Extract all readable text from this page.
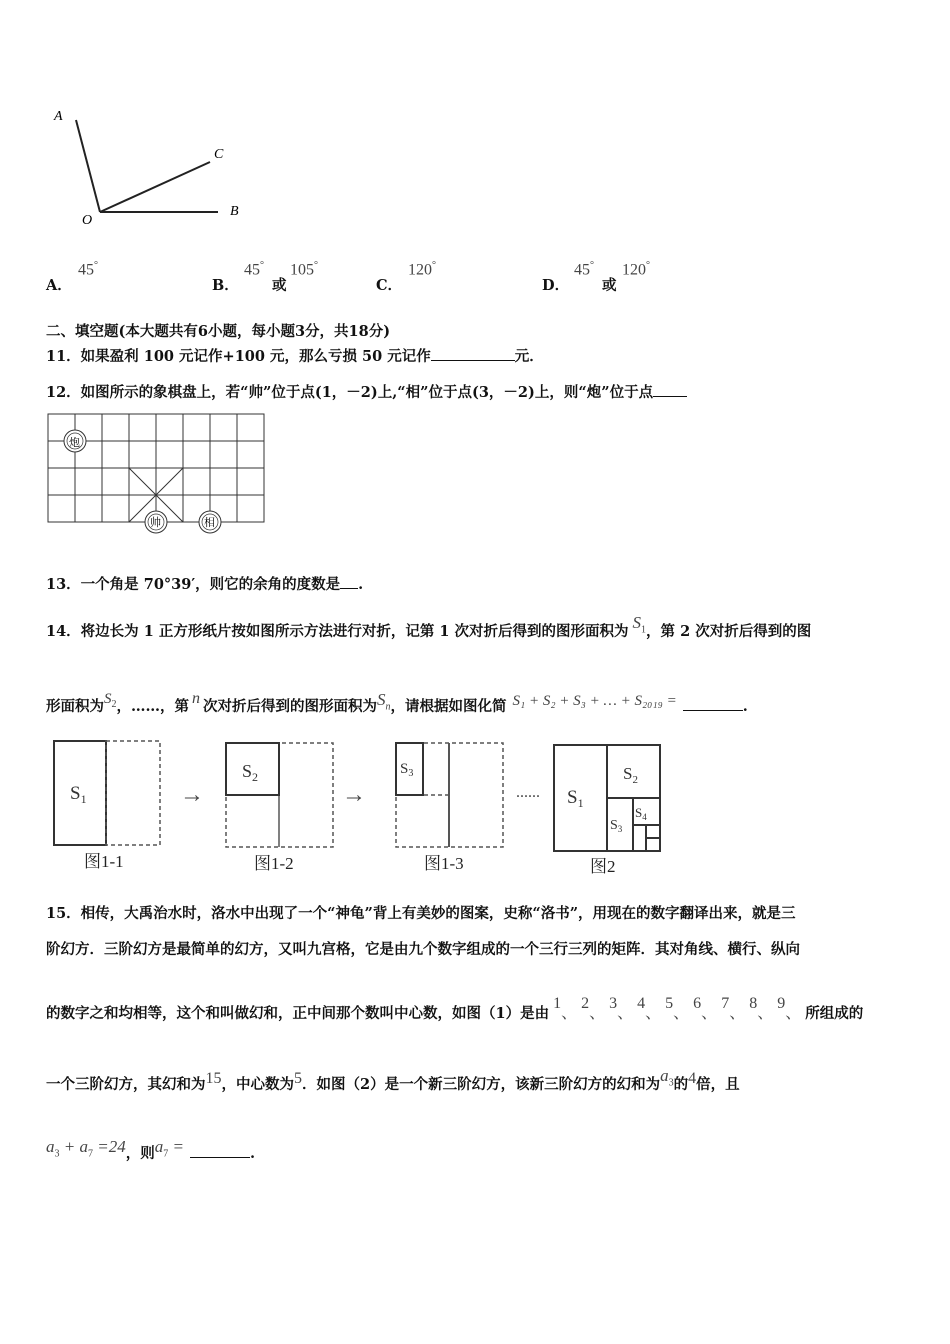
A
C
O
B
A．
45°
B．
45°
或
105°
C．
120°
D．
45°
或
120°
二、填空题(本大题共有6小题，每小题3分，共18分)
11．如果盈利 100 元记作+100 元，那么亏损 50 元记作	元．
12．如图所示的象棋盘上，若“帅”位于点(1，－2)上,“相”位于点(3，－2)上，则“炮”位于点
炮
帅	相
13．一个角是 70°39′，则它的余角的度数是 .
14．将边长为 1 正方形纸片按如图所示方法进行对折，记第 1 次对折后得到的图形面积为 $S_1$，第 2 次对折后得到的图
形面积为$S_2$，……，第 n 次对折后得到的图形面积为$S_n$，请根据如图化简 S₁ + S₂ + S₃ + … + S₂₀₁₉ =	.
$S_1$
图1-1
→
$S_2$
图1-2
→
$S_3$
图1-3
...... $S_1$
$S_2$
$S_3$
$S_4$
图2
15．相传，大禹治水时，洛水中出现了一个“神龟”背上有美妙的图案，史称“洛书”，用现在的数字翻译出来，就是三
阶幻方．三阶幻方是最简单的幻方，又叫九宫格，它是由九个数字组成的一个三行三列的矩阵．其对角线、横行、纵向
的数字之和均相等，这个和叫做幻和，正中间那个数叫中心数，如图（1）是由 1、 2、 3、 4、 5、 6、 7、 8、 9、 所组成的
一个三阶幻方，其幻和为15，中心数为5．如图（2）是一个新三阶幻方，该新三阶幻方的幻和为$a_3$的4倍，且
$a_3 + a_7 =24$，则$a_7$ =	.
